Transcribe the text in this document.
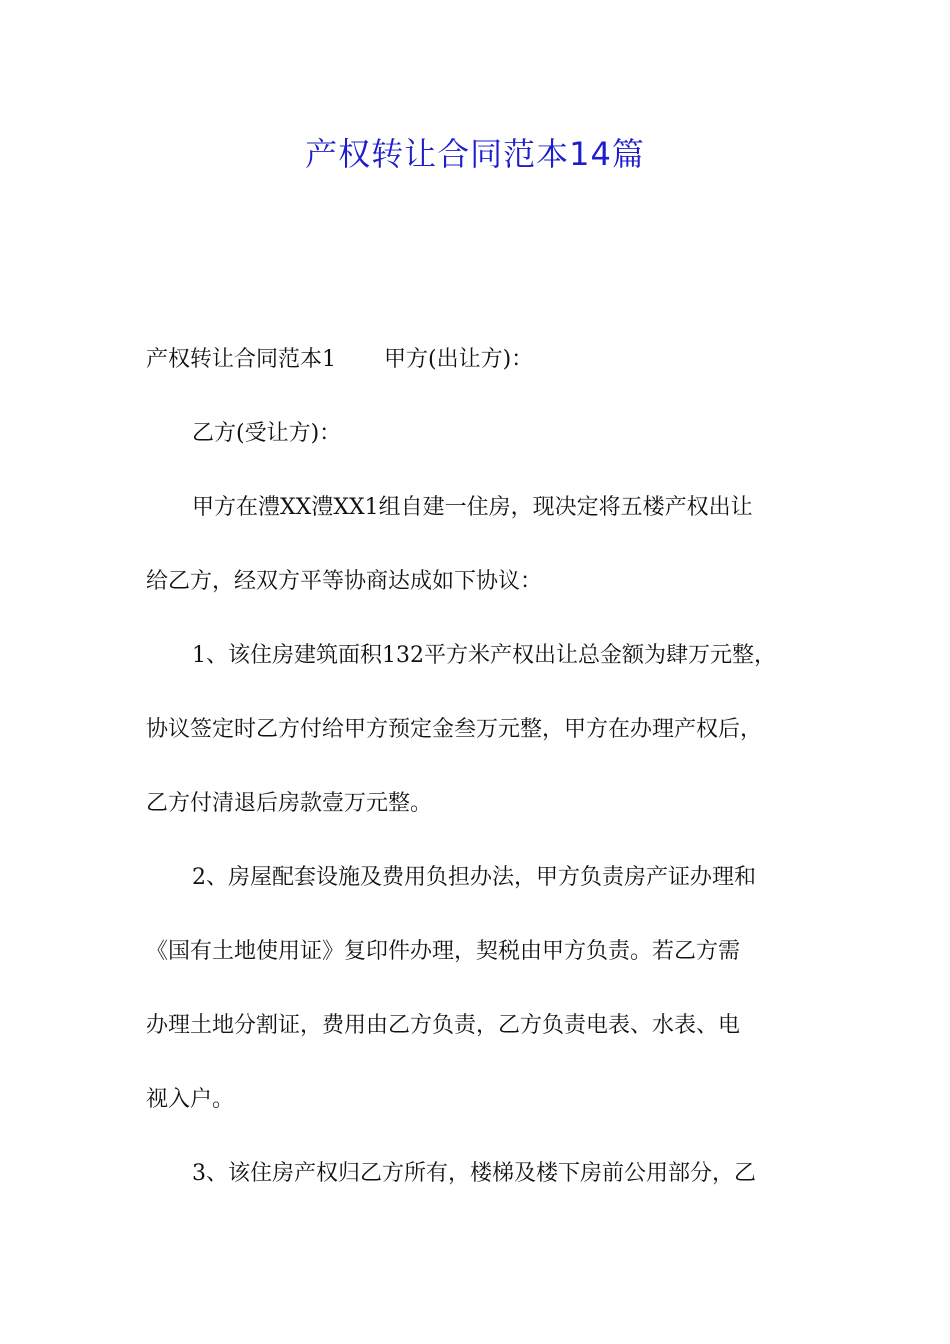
产权转让合同范本14篇
产权转让合同范本1 甲方(出让方)：
乙方(受让方)：
甲方在澧XX澧XX1组自建一住房，现决定将五楼产权出让
给乙方，经双方平等协商达成如下协议：
1、该住房建筑面积132平方米产权出让总金额为肆万元整，
协议签定时乙方付给甲方预定金叁万元整，甲方在办理产权后，
乙方付清退后房款壹万元整。
2、房屋配套设施及费用负担办法，甲方负责房产证办理和
《国有土地使用证》复印件办理，契税由甲方负责。若乙方需
办理土地分割证，费用由乙方负责，乙方负责电表、水表、电
视入户。
3、该住房产权归乙方所有，楼梯及楼下房前公用部分，乙
